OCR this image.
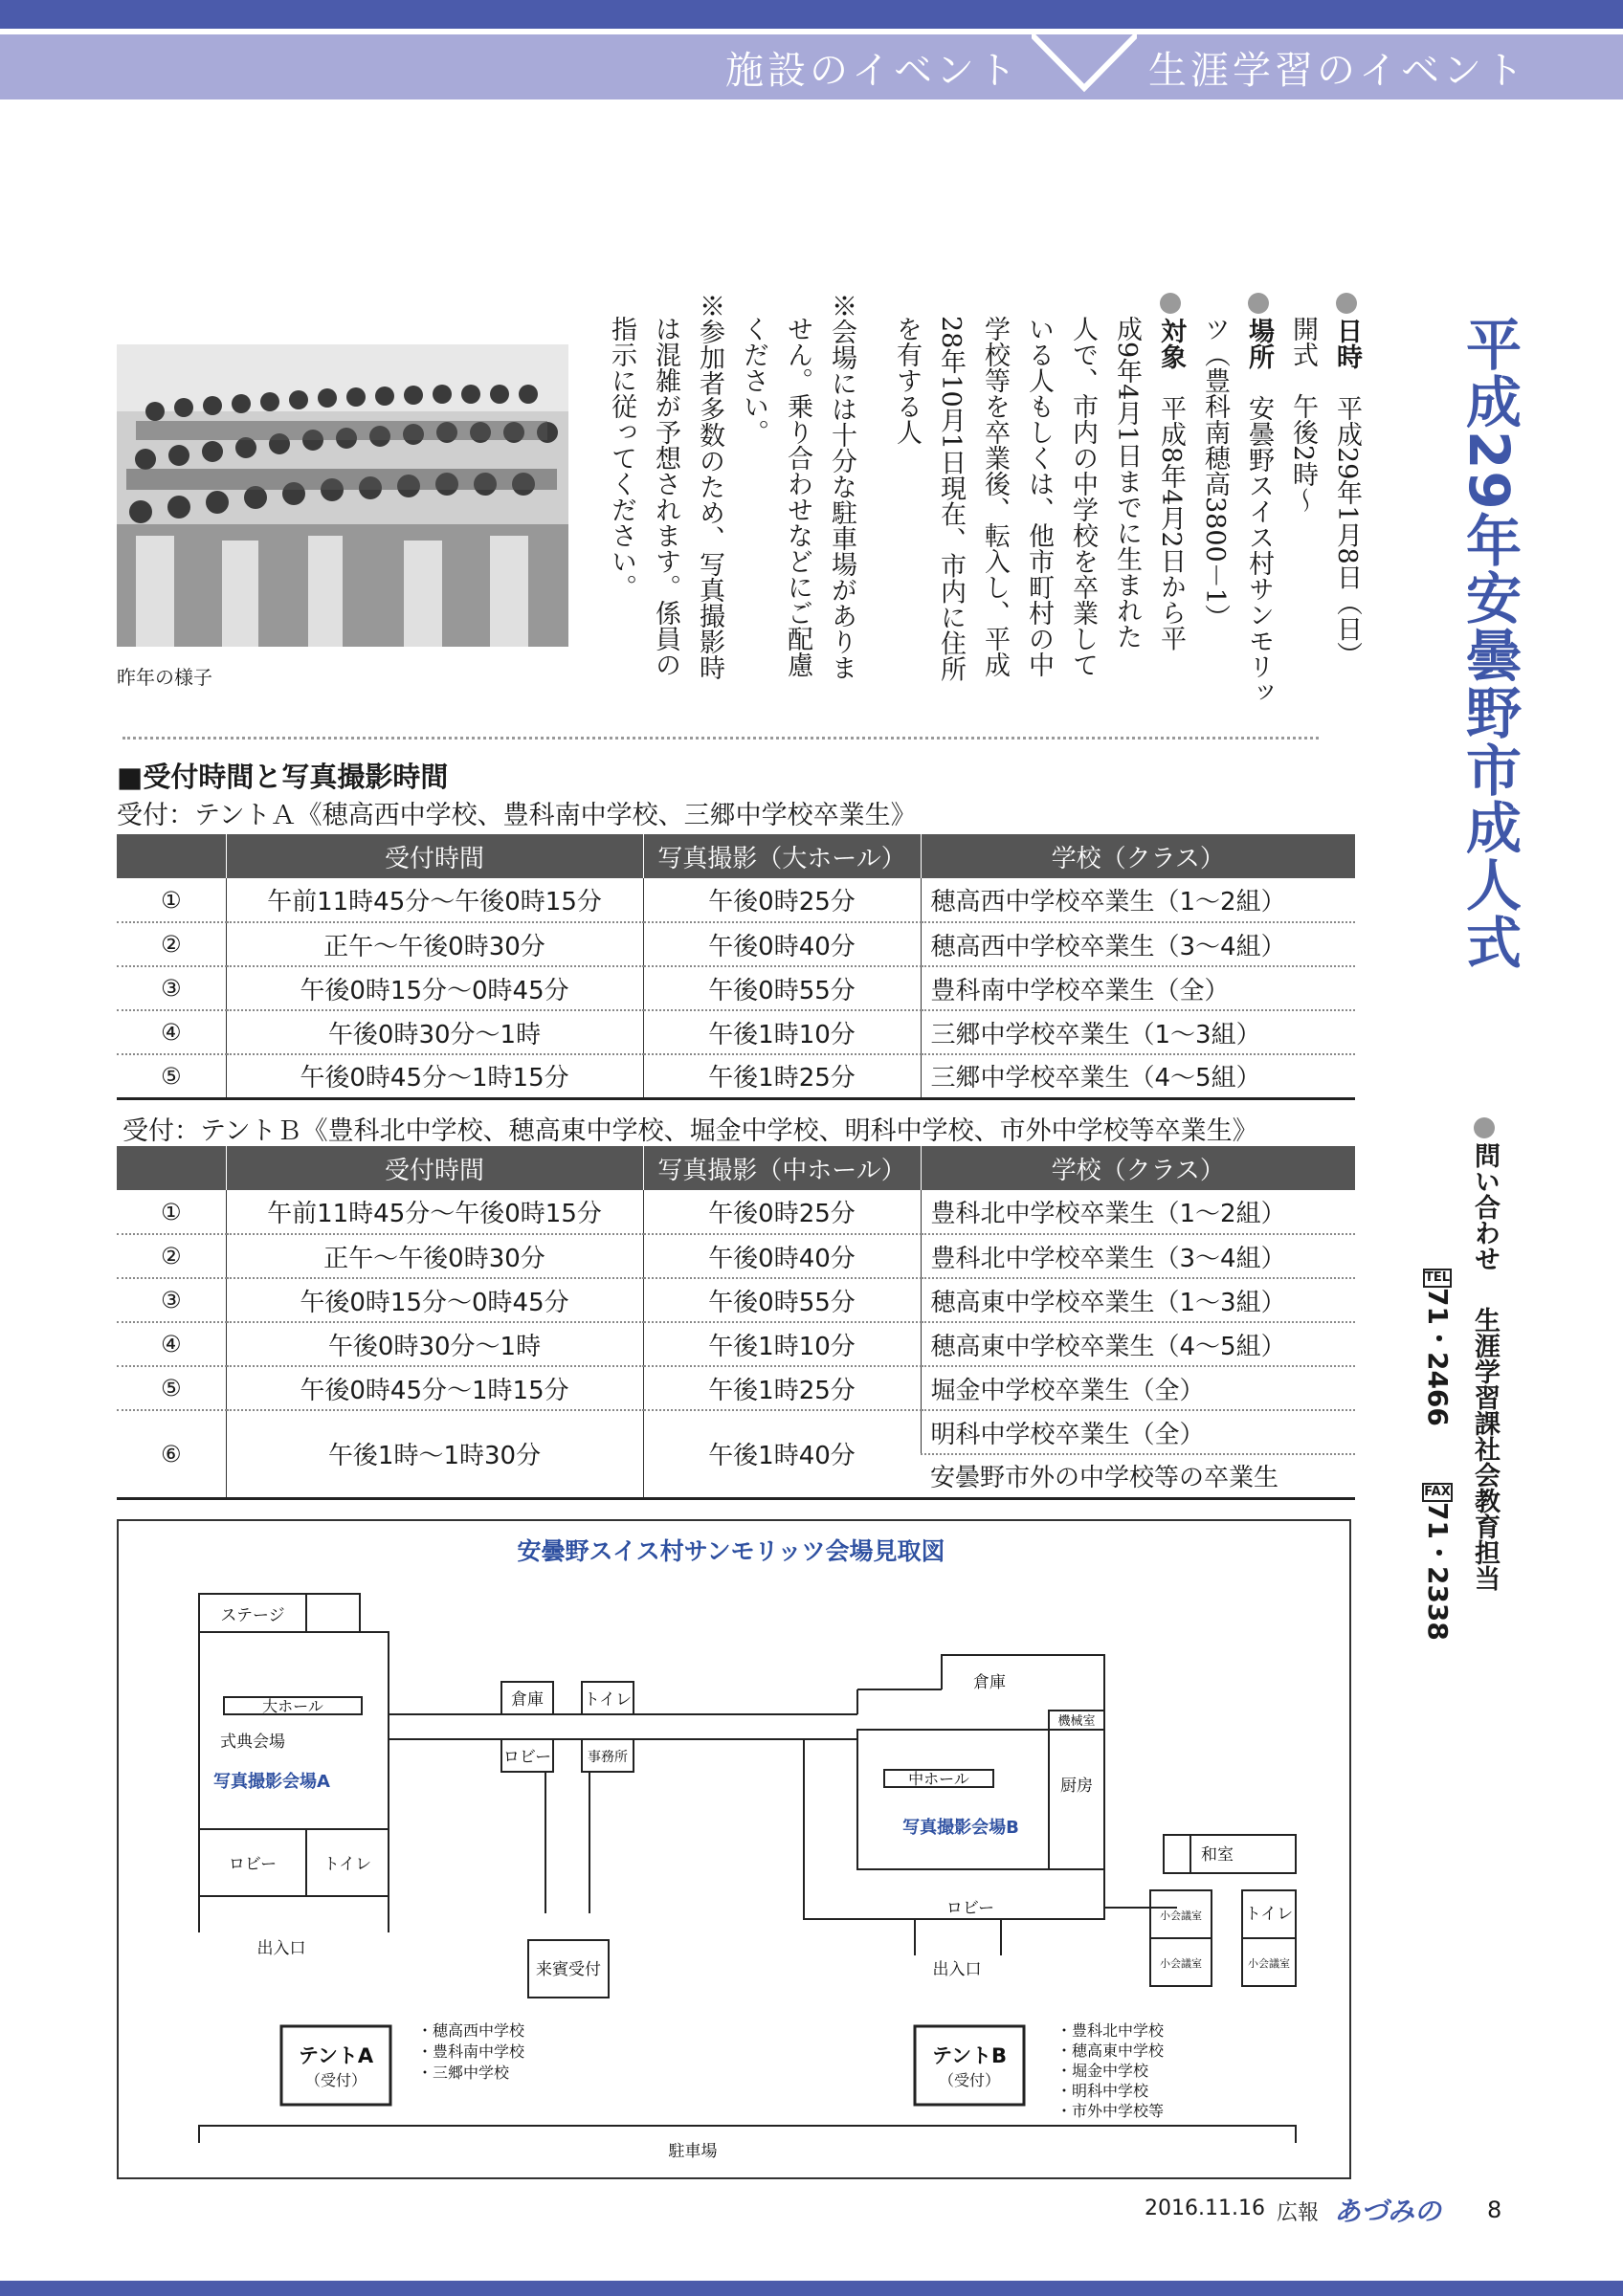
施設のイベント	生涯学習のイベント
平成29年安曇野市成人式
日時　平成29年1月8日（日）
開式　午後2時～
場所　安曇野スイス村サンモリッ
ツ（豊科南穂高3800－1）
対象　平成8年4月2日から平
成9年4月1日までに生まれた
人で、市内の中学校を卒業して
いる人もしくは、他市町村の中
学校等を卒業後、転入し、平成
28年10月1日現在、市内に住所
を有する人
※会場には十分な駐車場がありま
せん。乗り合わせなどにご配慮
ください。
※参加者多数のため、写真撮影時
は混雑が予想されます。係員の
指示に従ってください。
昨年の様子
■受付時間と写真撮影時間
受付：テントＡ《穂高西中学校、豊科南中学校、三郷中学校卒業生》
	受付時間	写真撮影（大ホール）	学校（クラス）
①	午前11時45分～午後0時15分	午後0時25分	穂高西中学校卒業生（1～2組）
②	正午～午後0時30分	午後0時40分	穂高西中学校卒業生（3～4組）
③	午後0時15分～0時45分	午後0時55分	豊科南中学校卒業生（全）
④	午後0時30分～1時	午後1時10分	三郷中学校卒業生（1～3組）
⑤	午後0時45分～1時15分	午後1時25分	三郷中学校卒業生（4～5組）
受付：テントＢ《豊科北中学校、穂高東中学校、堀金中学校、明科中学校、市外中学校等卒業生》
	受付時間	写真撮影（中ホール）	学校（クラス）
①	午前11時45分～午後0時15分	午後0時25分	豊科北中学校卒業生（1～2組）
②	正午～午後0時30分	午後0時40分	豊科北中学校卒業生（3～4組）
③	午後0時15分～0時45分	午後0時55分	穂高東中学校卒業生（1～3組）
④	午後0時30分～1時	午後1時10分	穂高東中学校卒業生（4～5組）
⑤	午後0時45分～1時15分	午後1時25分	堀金中学校卒業生（全）
⑥	午後1時～1時30分	午後1時40分	明科中学校卒業生（全）
			安曇野市外の中学校等の卒業生
安曇野スイス村サンモリッツ会場見取図
ステージ
大ホール
式典会場
写真撮影会場A
ロビー	トイレ
出入口
倉庫 トイレ
ロビー	事務所
来賓受付
倉庫
機械室
中ホール	厨房
写真撮影会場B
ロビー
出入口
和室
小会議室
小会議室
トイレ
小会議室
テントA
（受付）
テントB
（受付）
駐車場
・穂高西中学校
・豊科南中学校
・三郷中学校
・豊科北中学校
・穂高東中学校
・堀金中学校
・明科中学校
・市外中学校等
問い合わせ
生涯学習課社会教育担当
TEL71・2466
FAX71・2338
2016.11.16 広報 あづみの 8
